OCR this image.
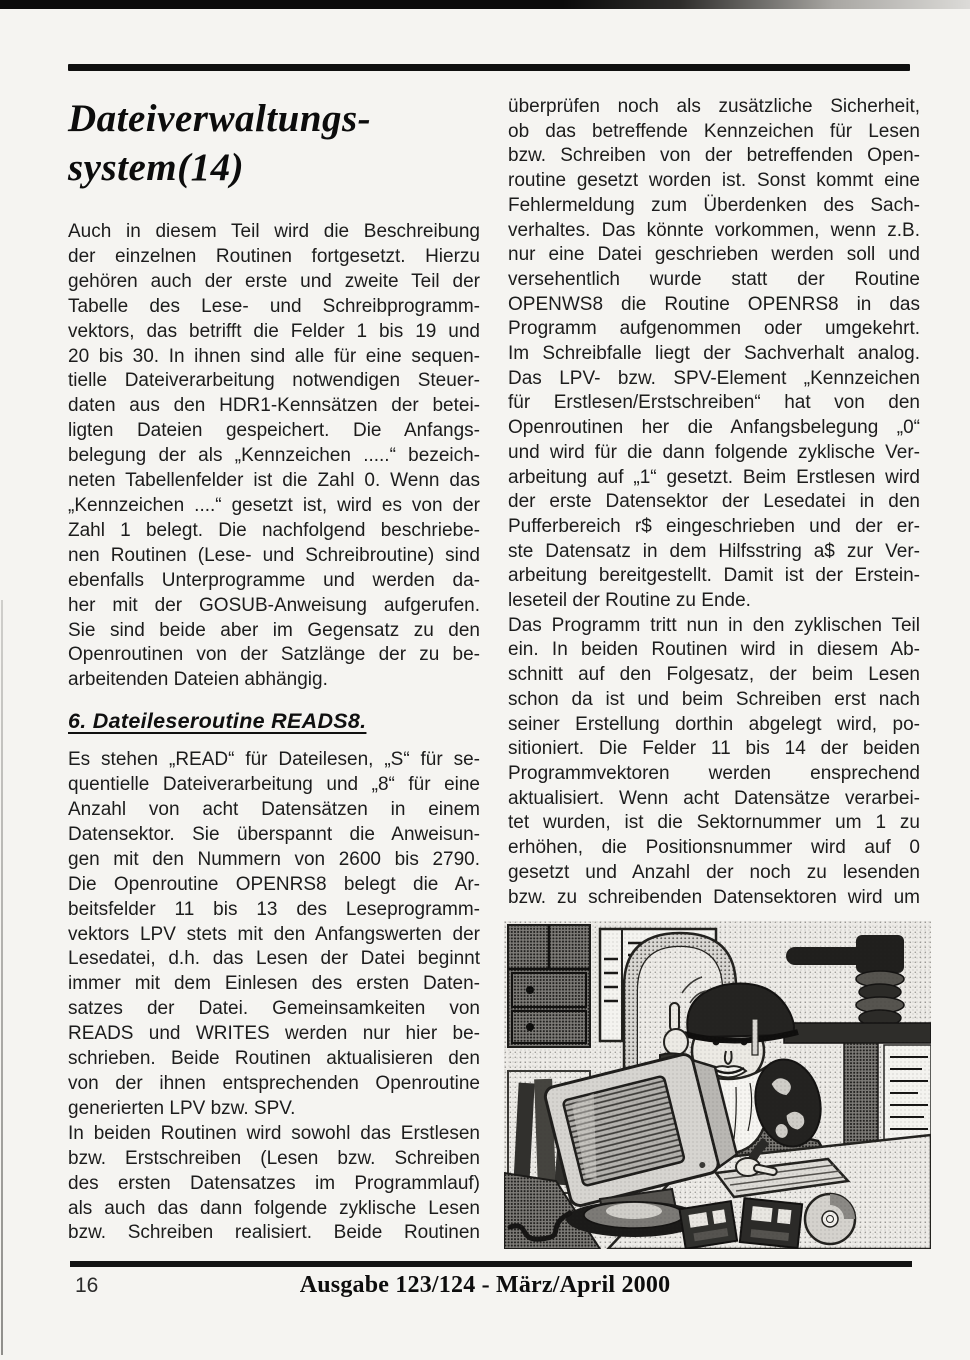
Dateiverwaltungs-
system(14)
Auch in diesem Teil wird die Beschreibung
der einzelnen Routinen fortgesetzt. Hierzu
gehören auch der erste und zweite Teil der
Tabelle des Lese- und Schreibprogramm-
vektors, das betrifft die Felder 1 bis 19 und
20 bis 30. In ihnen sind alle für eine sequen-
tielle Dateiverarbeitung notwendigen Steuer-
daten aus den HDR1-Kennsätzen der betei-
ligten Dateien gespeichert. Die Anfangs-
belegung der als „Kennzeichen .....“ bezeich-
neten Tabellenfelder ist die Zahl 0. Wenn das
„Kennzeichen ....“ gesetzt ist, wird es von der
Zahl 1 belegt. Die nachfolgend beschriebe-
nen Routinen (Lese- und Schreibroutine) sind
ebenfalls Unterprogramme und werden da-
her mit der GOSUB-Anweisung aufgerufen.
Sie sind beide aber im Gegensatz zu den
Openroutinen von der Satzlänge der zu be-
arbeitenden Dateien abhängig.
6. Dateileseroutine READS8.
Es stehen „READ“ für Dateilesen, „S“ für se-
quentielle Dateiverarbeitung und „8“ für eine
Anzahl von acht Datensätzen in einem
Datensektor. Sie überspannt die Anweisun-
gen mit den Nummern von 2600 bis 2790.
Die Openroutine OPENRS8 belegt die Ar-
beitsfelder 11 bis 13 des Leseprogramm-
vektors LPV stets mit den Anfangswerten der
Lesedatei, d.h. das Lesen der Datei beginnt
immer mit dem Einlesen des ersten Daten-
satzes der Datei. Gemeinsamkeiten von
READS und WRITES werden nur hier be-
schrieben. Beide Routinen aktualisieren den
von der ihnen entsprechenden Openroutine
generierten LPV bzw. SPV.
In beiden Routinen wird sowohl das Erstlesen
bzw. Erstschreiben (Lesen bzw. Schreiben
des ersten Datensatzes im Programmlauf)
als auch das dann folgende zyklische Lesen
bzw. Schreiben realisiert. Beide Routinen
überprüfen noch als zusätzliche Sicherheit,
ob das betreffende Kennzeichen für Lesen
bzw. Schreiben von der betreffenden Open-
routine gesetzt worden ist. Sonst kommt eine
Fehlermeldung zum Überdenken des Sach-
verhaltes. Das könnte vorkommen, wenn z.B.
nur eine Datei geschrieben werden soll und
versehentlich wurde statt der Routine
OPENWS8 die Routine OPENRS8 in das
Programm aufgenommen oder umgekehrt.
Im Schreibfalle liegt der Sachverhalt analog.
Das LPV- bzw. SPV-Element „Kennzeichen
für Erstlesen/Erstschreiben“ hat von den
Openroutinen her die Anfangsbelegung „0“
und wird für die dann folgende zyklische Ver-
arbeitung auf „1“ gesetzt. Beim Erstlesen wird
der erste Datensektor der Lesedatei in den
Pufferbereich r$ eingeschrieben und der er-
ste Datensatz in dem Hilfsstring a$ zur Ver-
arbeitung bereitgestellt. Damit ist der Erstein-
leseteil der Routine zu Ende.
Das Programm tritt nun in den zyklischen Teil
ein. In beiden Routinen wird in diesem Ab-
schnitt auf den Folgesatz, der beim Lesen
schon da ist und beim Schreiben erst nach
seiner Erstellung dorthin abgelegt wird, po-
sitioniert. Die Felder 11 bis 14 der beiden
Programmvektoren werden ensprechend
aktualisiert. Wenn acht Datensätze verarbei-
tet wurden, ist die Sektornummer um 1 zu
erhöhen, die Positionsnummer wird auf 0
gesetzt und Anzahl der noch zu lesenden
bzw. zu schreibenden Datensektoren wird um
16	Ausgabe 123/124 - März/April 2000
